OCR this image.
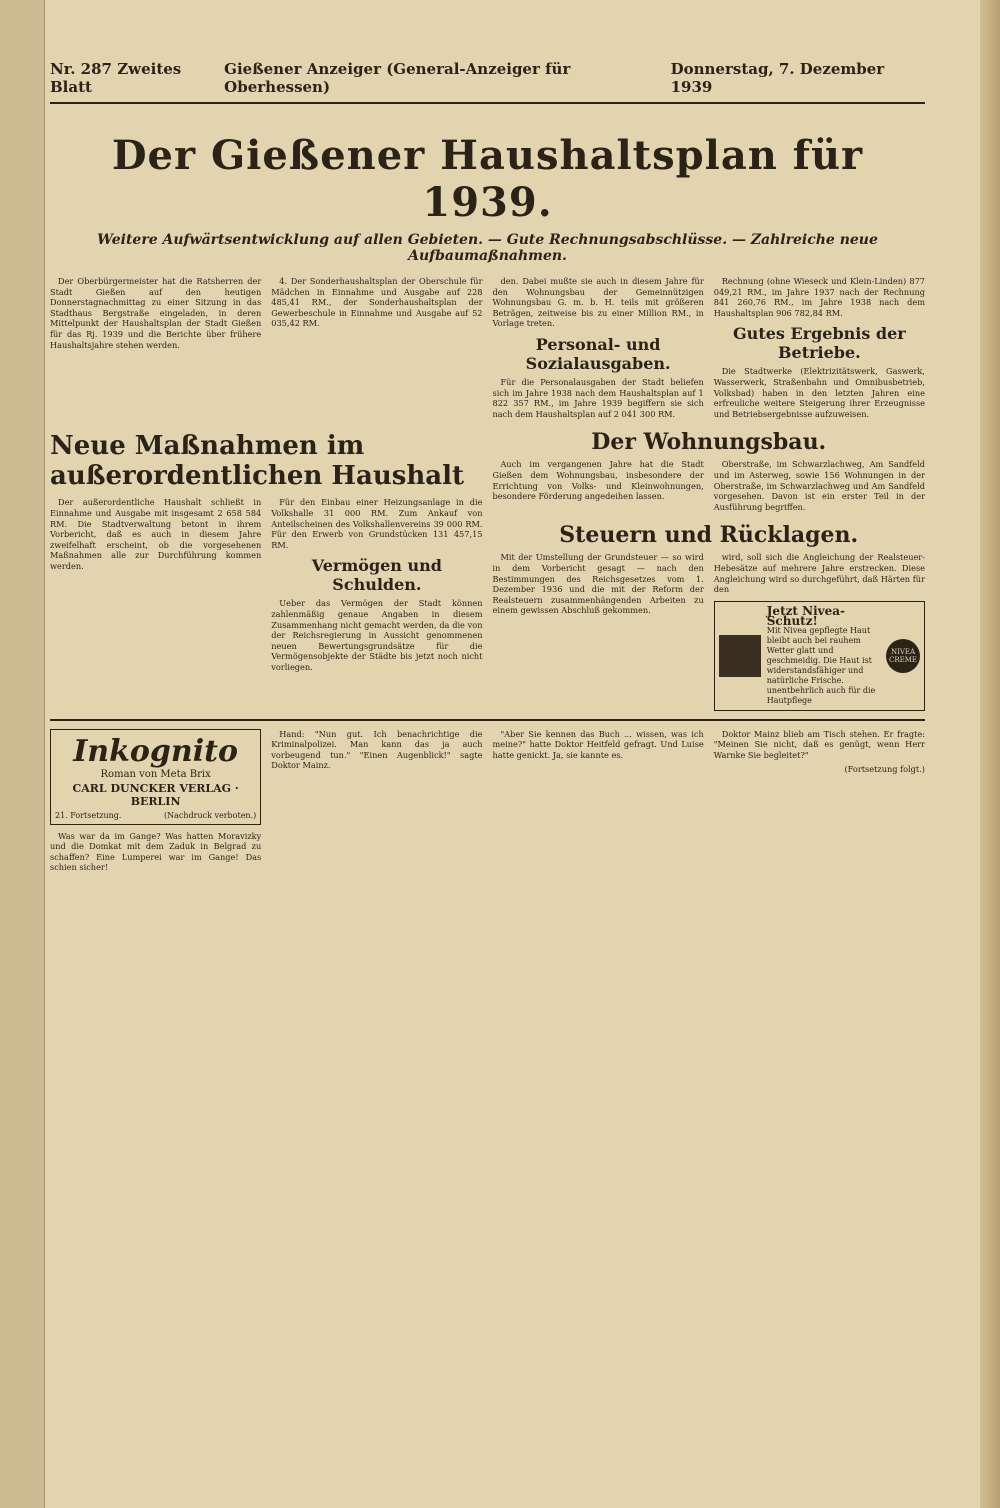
Nr. 287 Zweites Blatt
Gießener Anzeiger (General-Anzeiger für Oberhessen)
Donnerstag, 7. Dezember 1939
Der Gießener Haushaltsplan für 1939.
Weitere Aufwärtsentwicklung auf allen Gebieten. — Gute Rechnungsabschlüsse. — Zahlreiche neue Aufbaumaßnahmen.

Der Oberbürgermeister hat die Ratsherren der Stadt Gießen auf den heutigen Donnerstagnachmittag zu einer Sitzung in das Stadthaus Bergstraße eingeladen, in deren Mittelpunkt der Haushaltsplan der Stadt Gießen für das Rj. 1939 und die Berichte über frühere Haushaltsjahre stehen werden.

4. Der Sonderhaushaltsplan der Oberschule für Mädchen in Einnahme und Ausgabe auf 228 485,41 RM., der Sonderhaushaltsplan der Gewerbeschule in Einnahme und Ausgabe auf 52 035,42 RM.

den. Dabei mußte sie auch in diesem Jahre für den Wohnungsbau der Gemeinnützigen Wohnungsbau G. m. b. H. teils mit größeren Beträgen, zeitweise bis zu einer Million RM., in Vorlage treten.

Personal- und Sozialausgaben.

Für die Personalausgaben der Stadt beliefen sich im Jahre 1938 nach dem Haushaltsplan auf 1 822 357 RM., im Jahre 1939 begiffern sie sich nach dem Haushaltsplan auf 2 041 300 RM.

Rechnung (ohne Wieseck und Klein-Linden) 877 049,21 RM., im Jahre 1937 nach der Rechnung 841 260,76 RM., im Jahre 1938 nach dem Haushaltsplan 906 782,84 RM.

Gutes Ergebnis der Betriebe.

Die Stadtwerke (Elektrizitätswerk, Gaswerk, Wasserwerk, Straßenbahn und Omnibusbetrieb, Volksbad) haben in den letzten Jahren eine erfreuliche weitere Steigerung ihrer Erzeugnisse und Betriebsergebnisse aufzuweisen.

Neue Maßnahmen im außerordentlichen Haushalt

Der außerordentliche Haushalt schließt in Einnahme und Ausgabe mit insgesamt 2 658 584 RM. Die Stadtverwaltung betont in ihrem Vorbericht, daß es auch in diesem Jahre zweifelhaft erscheint, ob die vorgesehenen Maßnahmen alle zur Durchführung kommen werden.

Für den Einbau einer Heizungsanlage in die Volkshalle 31 000 RM. Zum Ankauf von Anteilscheinen des Volkshallenvereins 39 000 RM. Für den Erwerb von Grundstücken 131 457,15 RM.

Vermögen und Schulden.

Ueber das Vermögen der Stadt können zahlenmäßig genaue Angaben in diesem Zusammenhang nicht gemacht werden, da die von der Reichsregierung in Aussicht genommenen neuen Bewertungsgrundsätze für die Vermögensobjekte der Städte bis jetzt noch nicht vorliegen.

Der Wohnungsbau.

Auch im vergangenen Jahre hat die Stadt Gießen dem Wohnungsbau, insbesondere der Errichtung von Volks- und Kleinwohnungen, besondere Förderung angedeihen lassen.

Oberstraße, im Schwarzlachweg, Am Sandfeld und im Asterweg, sowie 156 Wohnungen in der Oberstraße, im Schwarzlachweg und Am Sandfeld vorgesehen. Davon ist ein erster Teil in der Ausführung begriffen.

Steuern und Rücklagen.

Mit der Umstellung der Grundsteuer — so wird in dem Vorbericht gesagt — nach den Bestimmungen des Reichsgesetzes vom 1. Dezember 1936 und die mit der Reform der Realsteuern zusammenhängenden Arbeiten zu einem gewissen Abschluß gekommen.

wird, soll sich die Angleichung der Realsteuer-Hebesätze auf mehrere Jahre erstrecken. Diese Angleichung wird so durchgeführt, daß Härten für den

Jetzt Nivea-Schutz!
Mit Nivea gepflegte Haut bleibt auch bei rauhem Wetter glatt und geschmeidig. Die Haut ist widerstandsfähiger und natürliche Frische.
unentbehrlich auch für die Hautpflege
NIVEA CREME
Inkognito
Roman von Meta Brix
CARL DUNCKER VERLAG · BERLIN
21. Fortsetzung.	(Nachdruck verboten.)

Was war da im Gange? Was hatten Moravizky und die Domkat mit dem Zaduk in Belgrad zu schaffen? Eine Lumperei war im Gange! Das schien sicher!

Hand: "Nun gut. Ich benachrichtige die Kriminalpolizei. Man kann das ja auch vorbeugend tun." "Einen Augenblick!" sagte Doktor Mainz.

"Aber Sie kennen das Buch ... wissen, was ich meine?" hatte Doktor Heitfeld gefragt. Und Luise hatte genickt. Ja, sie kannte es.

Doktor Mainz blieb am Tisch stehen. Er fragte: "Meinen Sie nicht, daß es genügt, wenn Herr Warnke Sie begleitet?"

(Fortsetzung folgt.)
